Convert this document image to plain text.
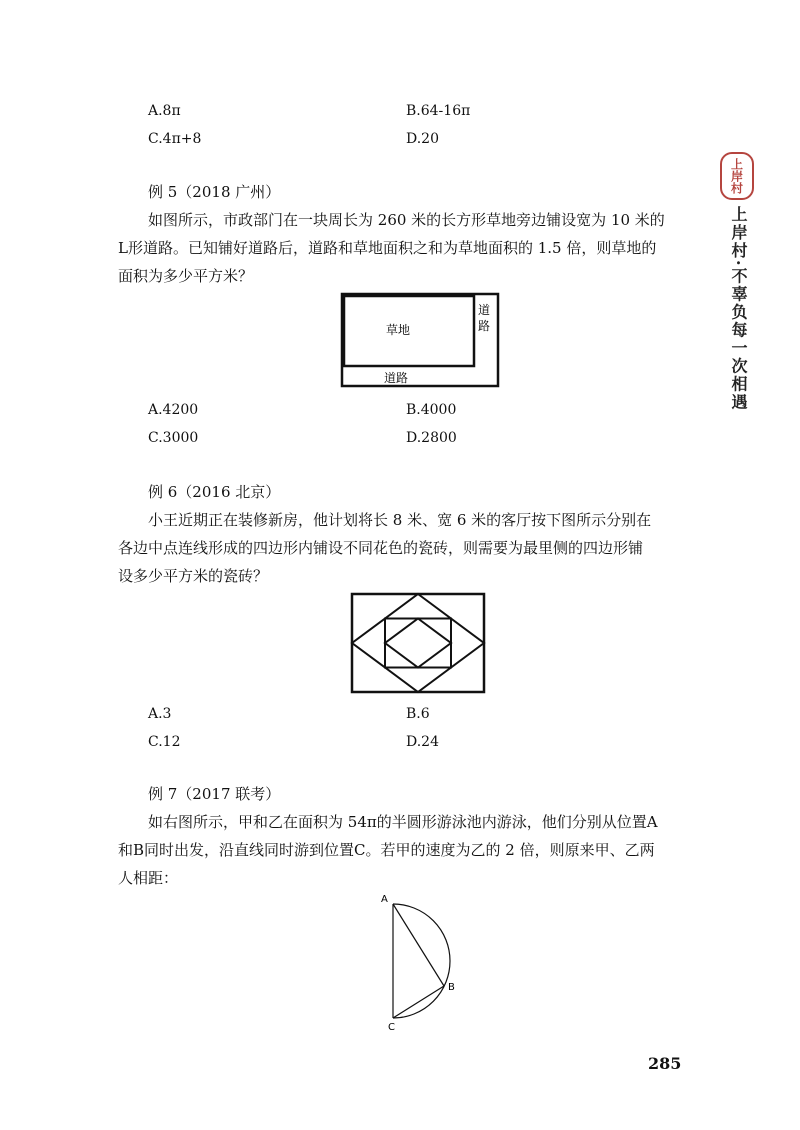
A.8π	B.64-16π
C.4π+8	D.20
例 5（2018 广州）
如图所示，市政部门在一块周长为 260 米的长方形草地旁边铺设宽为 10 米的
L形道路。已知铺好道路后，道路和草地面积之和为草地面积的 1.5 倍，则草地的
面积为多少平方米？
草地
道
路
道路
A.4200	B.4000
C.3000	D.2800
例 6（2016 北京）
小王近期正在装修新房，他计划将长 8 米、宽 6 米的客厅按下图所示分别在
各边中点连线形成的四边形内铺设不同花色的瓷砖，则需要为最里侧的四边形铺
设多少平方米的瓷砖？
A.3	B.6
C.12	D.24
例 7（2017 联考）
如右图所示，甲和乙在面积为 54π的半圆形游泳池内游泳，他们分别从位置A
和B同时出发，沿直线同时游到位置C。若甲的速度为乙的 2 倍，则原来甲、乙两
人相距：
A
B
C
上岸村
上岸村·不辜负每一次相遇
285
